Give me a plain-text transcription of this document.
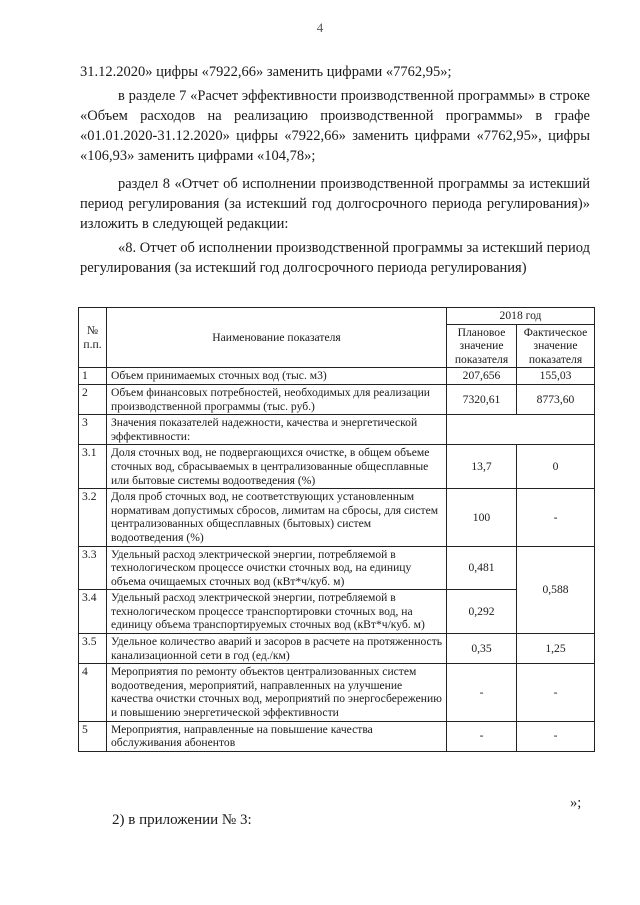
4

31.12.2020» цифры «7922,66» заменить цифрами «7762,95»;

в разделе 7 «Расчет эффективности производственной программы» в строке «Объем расходов на реализацию производственной программы» в графе «01.01.2020-31.12.2020» цифры «7922,66» заменить цифрами «7762,95», цифры «106,93» заменить цифрами «104,78»;

раздел 8 «Отчет об исполнении производственной программы за истекший период регулирования (за истекший год долгосрочного периода регулирования)» изложить в следующей редакции:

«8. Отчет об исполнении производственной программы за истекший период регулирования (за истекший год долгосрочного периода регулирования)

№ п.п.	Наименование показателя	2018 год	
		Плановое значение показателя	Фактическое значение показателя
1	Объем принимаемых сточных вод (тыс. м3)	207,656	155,03
2	Объем финансовых потребностей, необходимых для реализации производственной программы (тыс. руб.)	7320,61	8773,60
3	Значения показателей надежности, качества и энергетической эффективности:		
3.1	Доля сточных вод, не подвергающихся очистке, в общем объеме сточных вод, сбрасываемых в централизованные общесплавные или бытовые системы водоотведения (%)	13,7	0
3.2	Доля проб сточных вод, не соответствующих установленным нормативам допустимых сбросов, лимитам на сбросы, для систем централизованных общесплавных (бытовых) систем водоотведения (%)	100	-
3.3	Удельный расход электрической энергии, потребляемой в технологическом процессе очистки сточных вод, на единицу объема очищаемых сточных вод (кВт*ч/куб. м)	0,481	0,588
3.4	Удельный расход электрической энергии, потребляемой в технологическом процессе транспортировки сточных вод, на единицу объема транспортируемых сточных вод (кВт*ч/куб. м)	0,292	
3.5	Удельное количество аварий и засоров в расчете на протяженность канализационной сети в год (ед./км)	0,35	1,25
4	Мероприятия по ремонту объектов централизованных систем водоотведения, мероприятий, направленных на улучшение качества очистки сточных вод, мероприятий по энергосбережению и повышению энергетической эффективности	-	-
5	Мероприятия, направленные на повышение качества обслуживания абонентов	-	-
»;
2) в приложении № 3:
